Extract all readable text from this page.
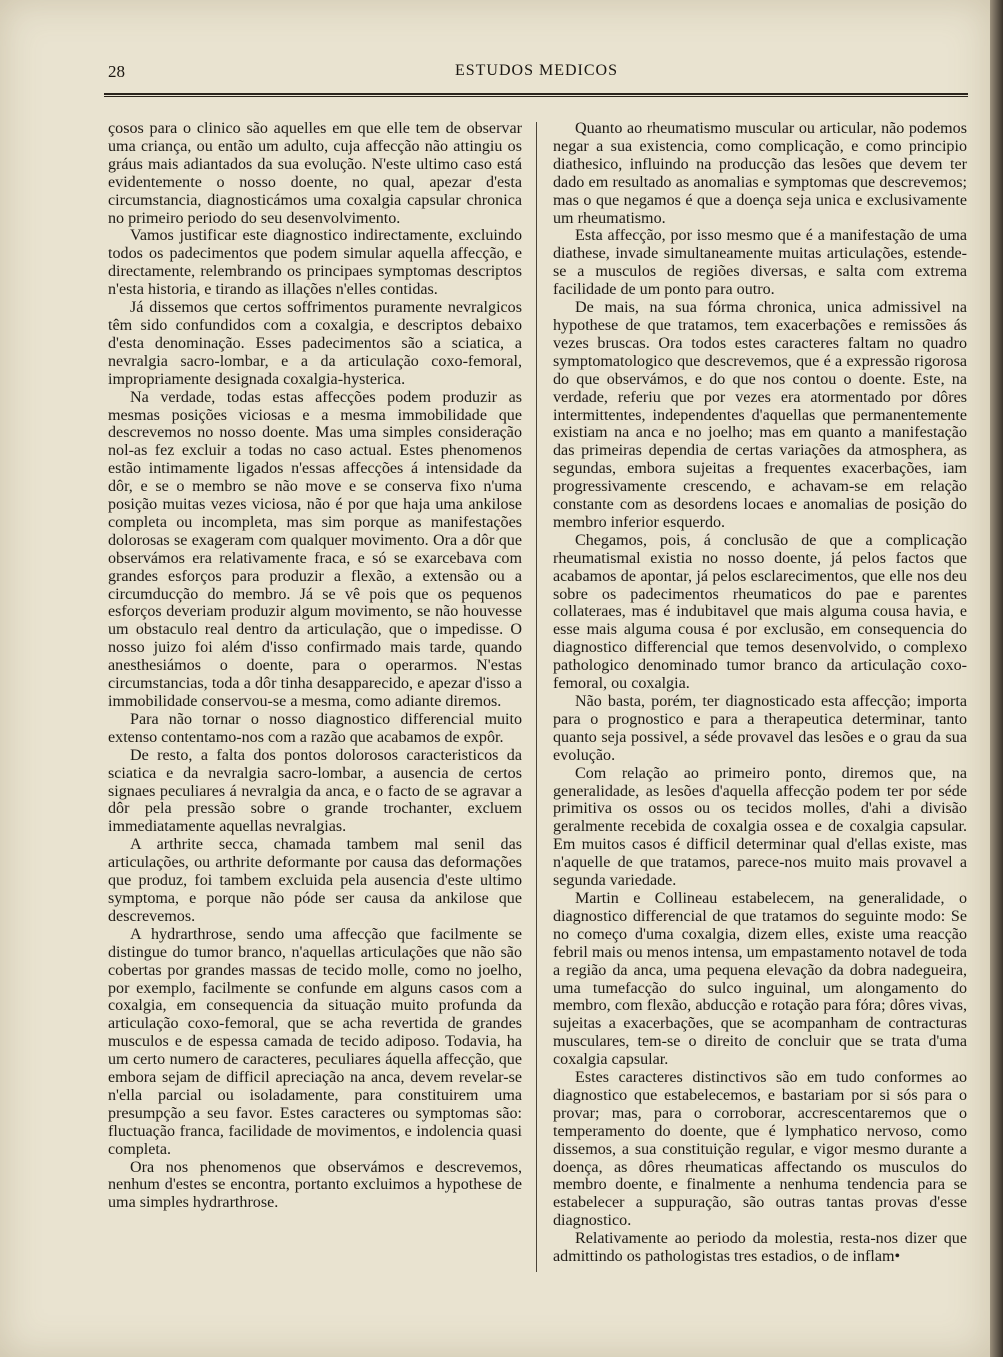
28	ESTUDOS MEDICOS

çosos para o clinico são aquelles em que elle tem de observar uma criança, ou então um adulto, cuja affecção não attingiu os gráus mais adiantados da sua evolução. N'este ultimo caso está evidentemente o nosso doente, no qual, apezar d'esta circumstancia, diagnosticámos uma coxalgia capsular chronica no primeiro periodo do seu desenvolvimento.

Vamos justificar este diagnostico indirectamente, excluindo todos os padecimentos que podem simular aquella affecção, e directamente, relembrando os principaes symptomas descriptos n'esta historia, e tirando as illações n'elles contidas.

Já dissemos que certos soffrimentos puramente nevralgicos têm sido confundidos com a coxalgia, e descriptos debaixo d'esta denominação. Esses padecimentos são a sciatica, a nevralgia sacro-lombar, e a da articulação coxo-femoral, impropriamente designada coxalgia-hysterica.

Na verdade, todas estas affecções podem produzir as mesmas posições viciosas e a mesma immobilidade que descrevemos no nosso doente. Mas uma simples consideração nol-as fez excluir a todas no caso actual. Estes phenomenos estão intimamente ligados n'essas affecções á intensidade da dôr, e se o membro se não move e se conserva fixo n'uma posição muitas vezes viciosa, não é por que haja uma ankilose completa ou incompleta, mas sim porque as manifestações dolorosas se exageram com qualquer movimento. Ora a dôr que observámos era relativamente fraca, e só se exarcebava com grandes esforços para produzir a flexão, a extensão ou a circumducção do membro. Já se vê pois que os pequenos esforços deveriam produzir algum movimento, se não houvesse um obstaculo real dentro da articulação, que o impedisse. O nosso juizo foi além d'isso confirmado mais tarde, quando anesthesiámos o doente, para o operarmos. N'estas circumstancias, toda a dôr tinha desapparecido, e apezar d'isso a immobilidade conservou-se a mesma, como adiante diremos.

Para não tornar o nosso diagnostico differencial muito extenso contentamo-nos com a razão que acabamos de expôr.

De resto, a falta dos pontos dolorosos caracteristicos da sciatica e da nevralgia sacro-lombar, a ausencia de certos signaes peculiares á nevralgia da anca, e o facto de se agravar a dôr pela pressão sobre o grande trochanter, excluem immediatamente aquellas nevralgias.

A arthrite secca, chamada tambem mal senil das articulações, ou arthrite deformante por causa das deformações que produz, foi tambem excluida pela ausencia d'este ultimo symptoma, e porque não póde ser causa da ankilose que descrevemos.

A hydrarthrose, sendo uma affecção que facilmente se distingue do tumor branco, n'aquellas articulações que não são cobertas por grandes massas de tecido molle, como no joelho, por exemplo, facilmente se confunde em alguns casos com a coxalgia, em consequencia da situação muito profunda da articulação coxo-femoral, que se acha revertida de grandes musculos e de espessa camada de tecido adiposo. Todavia, ha um certo numero de caracteres, peculiares áquella affecção, que embora sejam de difficil apreciação na anca, devem revelar-se n'ella parcial ou isoladamente, para constituirem uma presumpção a seu favor. Estes caracteres ou symptomas são: fluctuação franca, facilidade de movimentos, e indolencia quasi completa.

Ora nos phenomenos que observámos e descrevemos, nenhum d'estes se encontra, portanto excluimos a hypothese de uma simples hydrarthrose.

Quanto ao rheumatismo muscular ou articular, não podemos negar a sua existencia, como complicação, e como principio diathesico, influindo na producção das lesões que devem ter dado em resultado as anomalias e symptomas que descrevemos; mas o que negamos é que a doença seja unica e exclusivamente um rheumatismo.

Esta affecção, por isso mesmo que é a manifestação de uma diathese, invade simultaneamente muitas articulações, estende-se a musculos de regiões diversas, e salta com extrema facilidade de um ponto para outro.

De mais, na sua fórma chronica, unica admissivel na hypothese de que tratamos, tem exacerbações e remissões ás vezes bruscas. Ora todos estes caracteres faltam no quadro symptomatologico que descrevemos, que é a expressão rigorosa do que observámos, e do que nos contou o doente. Este, na verdade, referiu que por vezes era atormentado por dôres intermittentes, independentes d'aquellas que permanentemente existiam na anca e no joelho; mas em quanto a manifestação das primeiras dependia de certas variações da atmosphera, as segundas, embora sujeitas a frequentes exacerbações, iam progressivamente crescendo, e achavam-se em relação constante com as desordens locaes e anomalias de posição do membro inferior esquerdo.

Chegamos, pois, á conclusão de que a complicação rheumatismal existia no nosso doente, já pelos factos que acabamos de apontar, já pelos esclarecimentos, que elle nos deu sobre os padecimentos rheumaticos do pae e parentes collateraes, mas é indubitavel que mais alguma cousa havia, e esse mais alguma cousa é por exclusão, em consequencia do diagnostico differencial que temos desenvolvido, o complexo pathologico denominado tumor branco da articulação coxo-femoral, ou coxalgia.

Não basta, porém, ter diagnosticado esta affecção; importa para o prognostico e para a therapeutica determinar, tanto quanto seja possivel, a séde provavel das lesões e o grau da sua evolução.

Com relação ao primeiro ponto, diremos que, na generalidade, as lesões d'aquella affecção podem ter por séde primitiva os ossos ou os tecidos molles, d'ahi a divisão geralmente recebida de coxalgia ossea e de coxalgia capsular. Em muitos casos é difficil determinar qual d'ellas existe, mas n'aquelle de que tratamos, parece-nos muito mais provavel a segunda variedade.

Martin e Collineau estabelecem, na generalidade, o diagnostico differencial de que tratamos do seguinte modo: Se no começo d'uma coxalgia, dizem elles, existe uma reacção febril mais ou menos intensa, um empastamento notavel de toda a região da anca, uma pequena elevação da dobra nadegueira, uma tumefacção do sulco inguinal, um alongamento do membro, com flexão, abducção e rotação para fóra; dôres vivas, sujeitas a exacerbações, que se acompanham de contracturas musculares, tem-se o direito de concluir que se trata d'uma coxalgia capsular.

Estes caracteres distinctivos são em tudo conformes ao diagnostico que estabelecemos, e bastariam por si sós para o provar; mas, para o corroborar, accrescentaremos que o temperamento do doente, que é lymphatico nervoso, como dissemos, a sua constituição regular, e vigor mesmo durante a doença, as dôres rheumaticas affectando os musculos do membro doente, e finalmente a nenhuma tendencia para se estabelecer a suppuração, são outras tantas provas d'esse diagnostico.

Relativamente ao periodo da molestia, resta-nos dizer que admittindo os pathologistas tres estadios, o de inflam•
